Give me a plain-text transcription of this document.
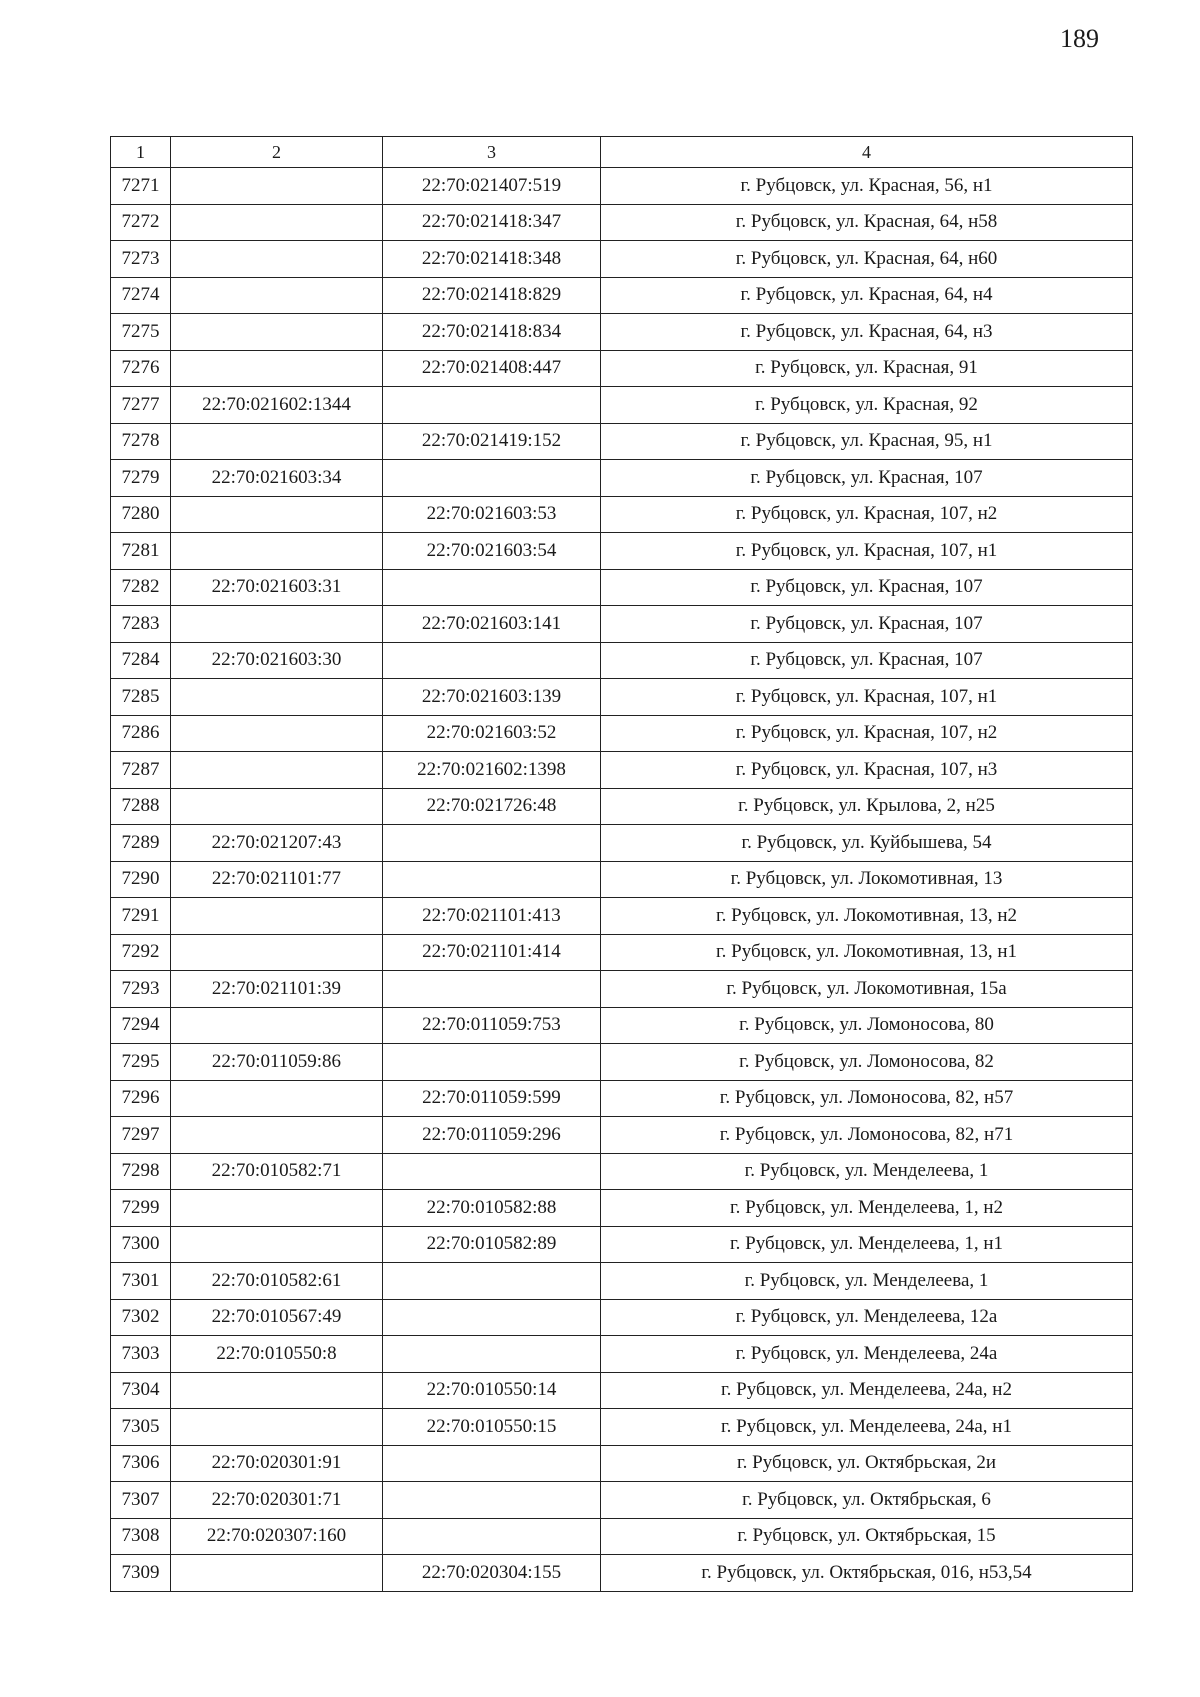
189
1	2	3	4
7271		22:70:021407:519	г. Рубцовск, ул. Красная, 56, н1
7272		22:70:021418:347	г. Рубцовск, ул. Красная, 64, н58
7273		22:70:021418:348	г. Рубцовск, ул. Красная, 64, н60
7274		22:70:021418:829	г. Рубцовск, ул. Красная, 64, н4
7275		22:70:021418:834	г. Рубцовск, ул. Красная, 64, н3
7276		22:70:021408:447	г. Рубцовск, ул. Красная, 91
7277	22:70:021602:1344		г. Рубцовск, ул. Красная, 92
7278		22:70:021419:152	г. Рубцовск, ул. Красная, 95, н1
7279	22:70:021603:34		г. Рубцовск, ул. Красная, 107
7280		22:70:021603:53	г. Рубцовск, ул. Красная, 107, н2
7281		22:70:021603:54	г. Рубцовск, ул. Красная, 107, н1
7282	22:70:021603:31		г. Рубцовск, ул. Красная, 107
7283		22:70:021603:141	г. Рубцовск, ул. Красная, 107
7284	22:70:021603:30		г. Рубцовск, ул. Красная, 107
7285		22:70:021603:139	г. Рубцовск, ул. Красная, 107, н1
7286		22:70:021603:52	г. Рубцовск, ул. Красная, 107, н2
7287		22:70:021602:1398	г. Рубцовск, ул. Красная, 107, н3
7288		22:70:021726:48	г. Рубцовск, ул. Крылова, 2, н25
7289	22:70:021207:43		г. Рубцовск, ул. Куйбышева, 54
7290	22:70:021101:77		г. Рубцовск, ул. Локомотивная, 13
7291		22:70:021101:413	г. Рубцовск, ул. Локомотивная, 13, н2
7292		22:70:021101:414	г. Рубцовск, ул. Локомотивная, 13, н1
7293	22:70:021101:39		г. Рубцовск, ул. Локомотивная, 15а
7294		22:70:011059:753	г. Рубцовск, ул. Ломоносова, 80
7295	22:70:011059:86		г. Рубцовск, ул. Ломоносова, 82
7296		22:70:011059:599	г. Рубцовск, ул. Ломоносова, 82, н57
7297		22:70:011059:296	г. Рубцовск, ул. Ломоносова, 82, н71
7298	22:70:010582:71		г. Рубцовск, ул. Менделеева, 1
7299		22:70:010582:88	г. Рубцовск, ул. Менделеева, 1, н2
7300		22:70:010582:89	г. Рубцовск, ул. Менделеева, 1, н1
7301	22:70:010582:61		г. Рубцовск, ул. Менделеева, 1
7302	22:70:010567:49		г. Рубцовск, ул. Менделеева, 12а
7303	22:70:010550:8		г. Рубцовск, ул. Менделеева, 24а
7304		22:70:010550:14	г. Рубцовск, ул. Менделеева, 24а, н2
7305		22:70:010550:15	г. Рубцовск, ул. Менделеева, 24а, н1
7306	22:70:020301:91		г. Рубцовск, ул. Октябрьская, 2и
7307	22:70:020301:71		г. Рубцовск, ул. Октябрьская, 6
7308	22:70:020307:160		г. Рубцовск, ул. Октябрьская, 15
7309		22:70:020304:155	г. Рубцовск, ул. Октябрьская, 016, н53,54
